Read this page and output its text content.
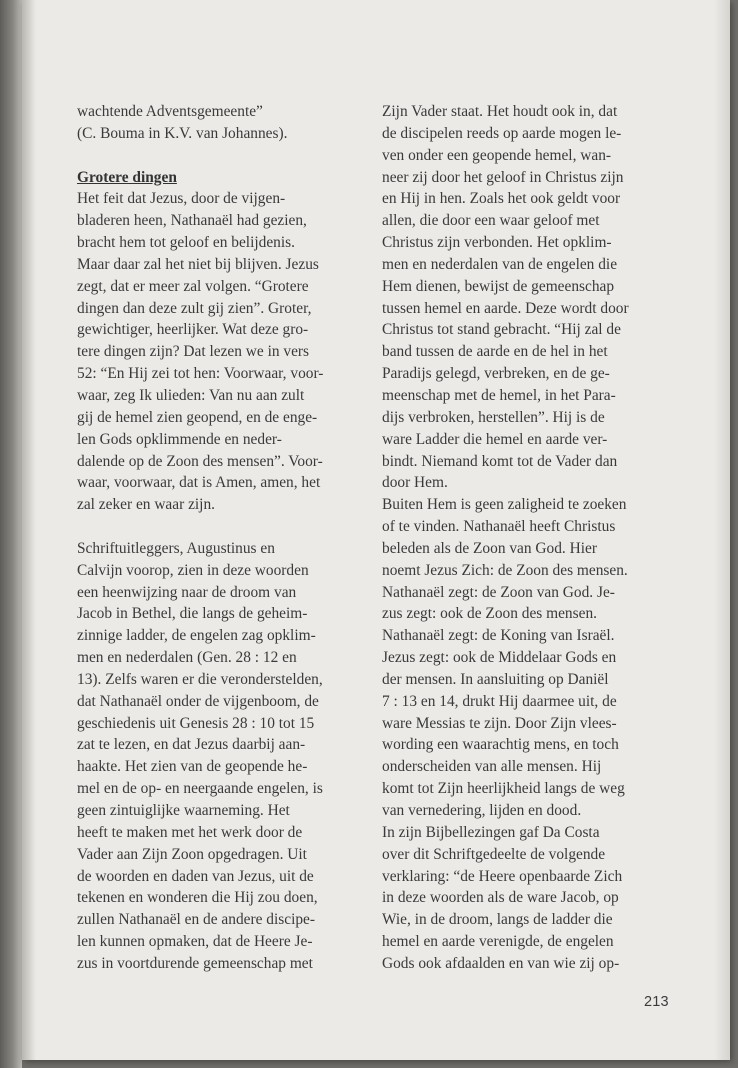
wachtende Adventsgemeente”
(C. Bouma in K.V. van Johannes).
Grotere dingen
Het feit dat Jezus, door de vijgen-
bladeren heen, Nathanaël had gezien,
bracht hem tot geloof en belijdenis.
Maar daar zal het niet bij blijven. Jezus
zegt, dat er meer zal volgen. “Grotere
dingen dan deze zult gij zien”. Groter,
gewichtiger, heerlijker. Wat deze gro-
tere dingen zijn? Dat lezen we in vers
52: “En Hij zei tot hen: Voorwaar, voor-
waar, zeg Ik ulieden: Van nu aan zult
gij de hemel zien geopend, en de enge-
len Gods opklimmende en neder-
dalende op de Zoon des mensen”. Voor-
waar, voorwaar, dat is Amen, amen, het
zal zeker en waar zijn.
Schriftuitleggers, Augustinus en
Calvijn voorop, zien in deze woorden
een heenwijzing naar de droom van
Jacob in Bethel, die langs de geheim-
zinnige ladder, de engelen zag opklim-
men en nederdalen (Gen. 28 : 12 en
13). Zelfs waren er die veronderstelden,
dat Nathanaël onder de vijgenboom, de
geschiedenis uit Genesis 28 : 10 tot 15
zat te lezen, en dat Jezus daarbij aan-
haakte. Het zien van de geopende he-
mel en de op- en neergaande engelen, is
geen zintuiglijke waarneming. Het
heeft te maken met het werk door de
Vader aan Zijn Zoon opgedragen. Uit
de woorden en daden van Jezus, uit de
tekenen en wonderen die Hij zou doen,
zullen Nathanaël en de andere discipe-
len kunnen opmaken, dat de Heere Je-
zus in voortdurende gemeenschap met
Zijn Vader staat. Het houdt ook in, dat
de discipelen reeds op aarde mogen le-
ven onder een geopende hemel, wan-
neer zij door het geloof in Christus zijn
en Hij in hen. Zoals het ook geldt voor
allen, die door een waar geloof met
Christus zijn verbonden. Het opklim-
men en nederdalen van de engelen die
Hem dienen, bewijst de gemeenschap
tussen hemel en aarde. Deze wordt door
Christus tot stand gebracht. “Hij zal de
band tussen de aarde en de hel in het
Paradijs gelegd, verbreken, en de ge-
meenschap met de hemel, in het Para-
dijs verbroken, herstellen”. Hij is de
ware Ladder die hemel en aarde ver-
bindt. Niemand komt tot de Vader dan
door Hem.
Buiten Hem is geen zaligheid te zoeken
of te vinden. Nathanaël heeft Christus
beleden als de Zoon van God. Hier
noemt Jezus Zich: de Zoon des mensen.
Nathanaël zegt: de Zoon van God. Je-
zus zegt: ook de Zoon des mensen.
Nathanaël zegt: de Koning van Israël.
Jezus zegt: ook de Middelaar Gods en
der mensen. In aansluiting op Daniël
7 : 13 en 14, drukt Hij daarmee uit, de
ware Messias te zijn. Door Zijn vlees-
wording een waarachtig mens, en toch
onderscheiden van alle mensen. Hij
komt tot Zijn heerlijkheid langs de weg
van vernedering, lijden en dood.
In zijn Bijbellezingen gaf Da Costa
over dit Schriftgedeelte de volgende
verklaring: “de Heere openbaarde Zich
in deze woorden als de ware Jacob, op
Wie, in de droom, langs de ladder die
hemel en aarde verenigde, de engelen
Gods ook afdaalden en van wie zij op-
213
